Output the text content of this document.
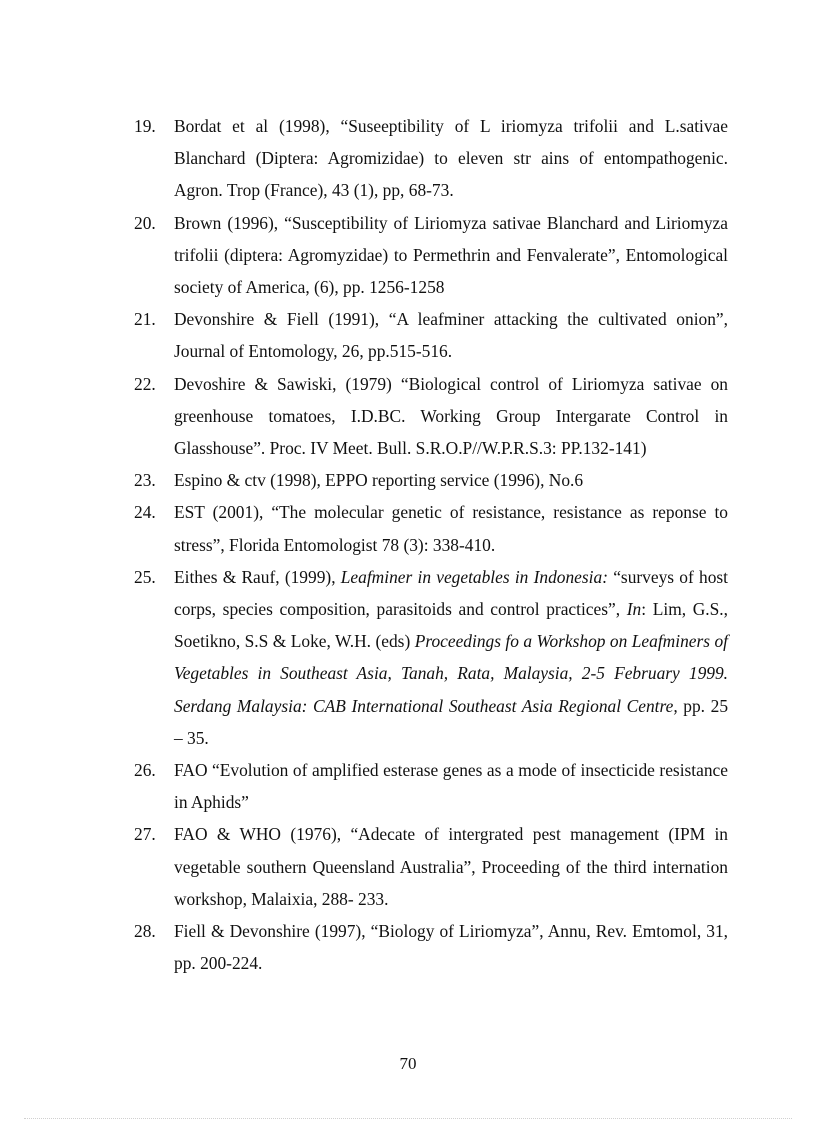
19. Bordat et al (1998), “Suseeptibility of L iriomyza trifolii and L.sativae Blanchard (Diptera: Agromizidae) to eleven str ains of entompathogenic. Agron. Trop (France), 43 (1), pp, 68-73.
20. Brown (1996), “Susceptibility of Liriomyza sativae Blanchard and Liriomyza trifolii (diptera: Agromyzidae) to Permethrin and Fenvalerate”, Entomological society of America, (6), pp. 1256-1258
21. Devonshire & Fiell (1991), “A leafminer attacking the cultivated onion”, Journal of Entomology, 26, pp.515-516.
22. Devoshire & Sawiski, (1979) “Biological control of Liriomyza sativae on greenhouse tomatoes, I.D.BC. Working Group Intergarate Control in Glasshouse”. Proc. IV Meet. Bull. S.R.O.P//W.P.R.S.3: PP.132-141)
23. Espino & ctv (1998), EPPO reporting service (1996), No.6
24. EST (2001), “The molecular genetic of resistance, resistance as reponse to stress”, Florida Entomologist 78 (3): 338-410.
25. Eithes & Rauf, (1999), Leafminer in vegetables in Indonesia: “surveys of host corps, species composition, parasitoids and control practices”, In: Lim, G.S., Soetikno, S.S & Loke, W.H. (eds) Proceedings fo a Workshop on Leafminers of Vegetables in Southeast Asia, Tanah, Rata, Malaysia, 2-5 February 1999. Serdang Malaysia: CAB International Southeast Asia Regional Centre, pp. 25 – 35.
26. FAO “Evolution of amplified esterase genes as a mode of insecticide resistance in Aphids”
27. FAO & WHO (1976), “Adecate of intergrated pest management (IPM in vegetable southern Queensland Australia”, Proceeding of the third internation workshop, Malaixia, 288- 233.
28. Fiell & Devonshire (1997), “Biology of Liriomyza”, Annu, Rev. Emtomol, 31, pp. 200-224.
70
